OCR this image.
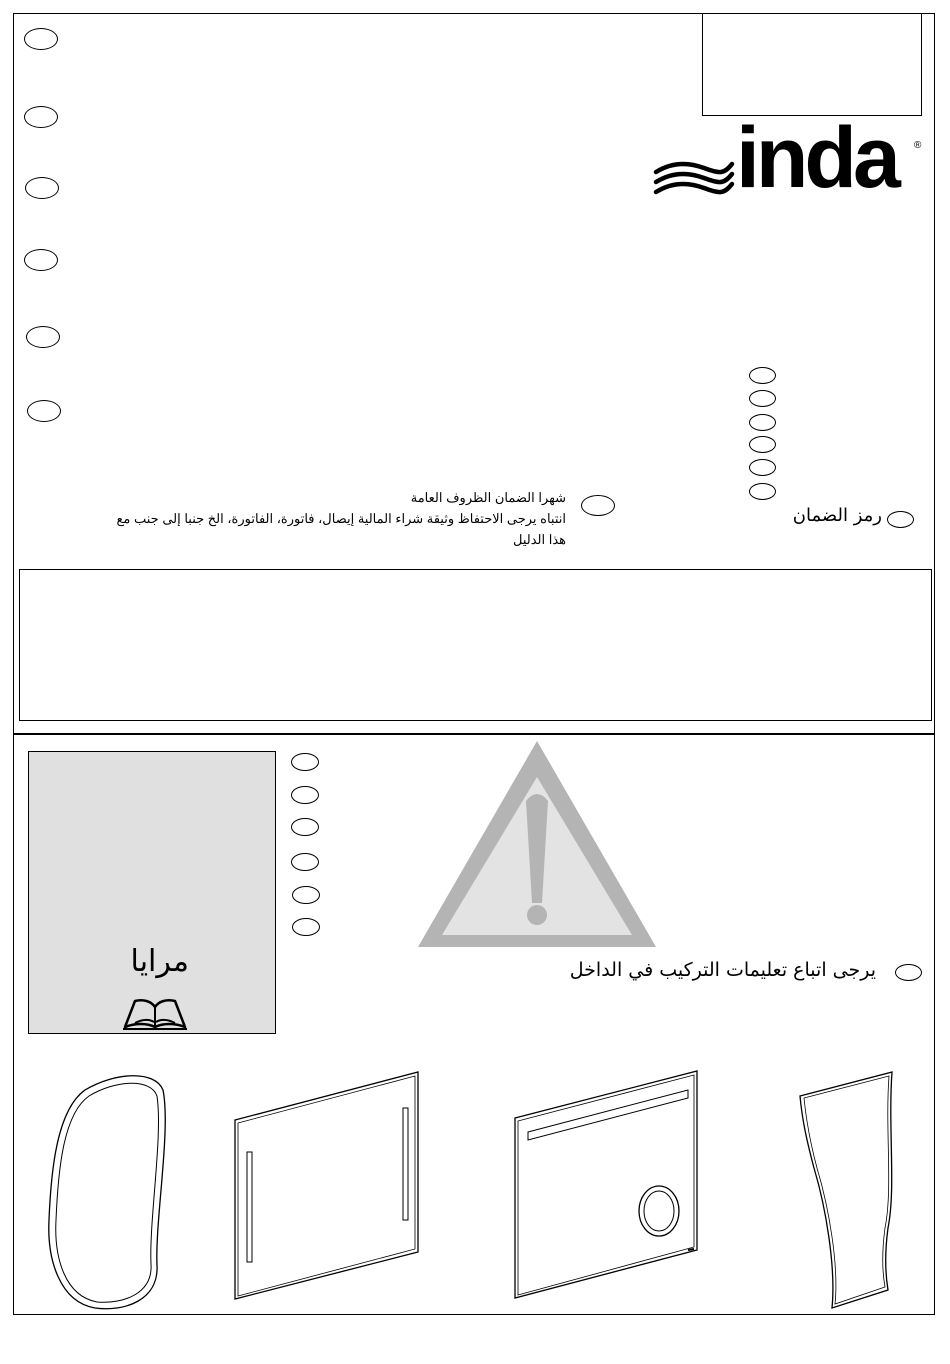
inda ®
رمز الضمان
شهرا الضمان الظروف العامة
انتباه يرجى الاحتفاظ وثيقة شراء المالية إيصال، فاتورة، الفاتورة، الخ جنبا إلى جنب مع
هذا الدليل
مرايا	يرجى اتباع تعليمات التركيب في الداخل
